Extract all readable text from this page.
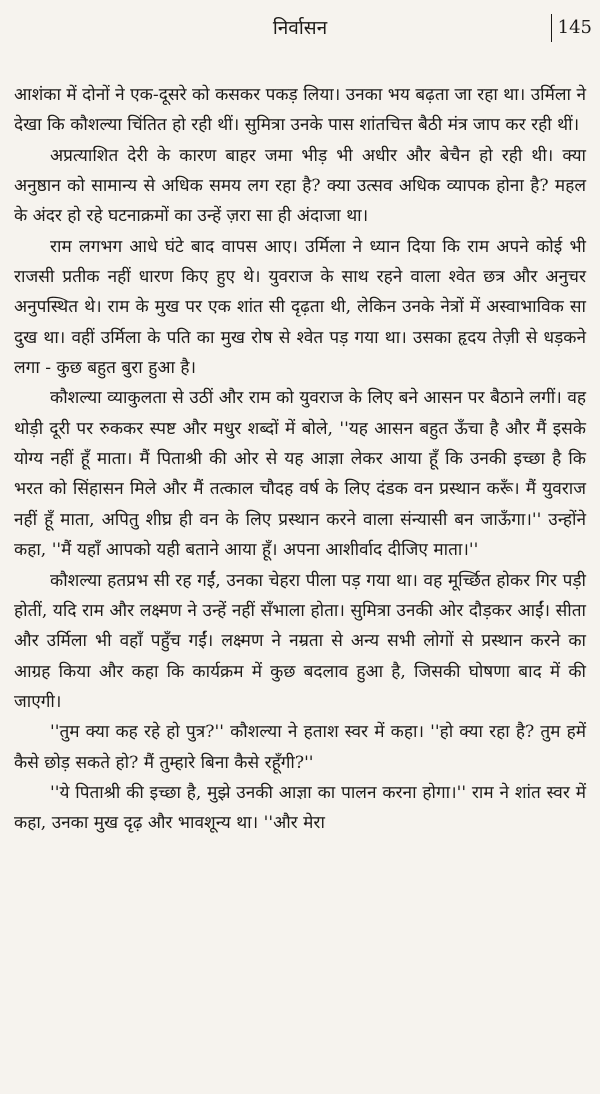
निर्वासन	145

आशंका में दोनों ने एक-दूसरे को कसकर पकड़ लिया। उनका भय बढ़ता जा रहा था। उर्मिला ने देखा कि कौशल्या चिंतित हो रही थीं। सुमित्रा उनके पास शांतचित्त बैठी मंत्र जाप कर रही थीं।

अप्रत्याशित देरी के कारण बाहर जमा भीड़ भी अधीर और बेचैन हो रही थी। क्या अनुष्ठान को सामान्य से अधिक समय लग रहा है? क्या उत्सव अधिक व्यापक होना है? महल के अंदर हो रहे घटनाक्रमों का उन्हें ज़रा सा ही अंदाजा था।

राम लगभग आधे घंटे बाद वापस आए। उर्मिला ने ध्यान दिया कि राम अपने कोई भी राजसी प्रतीक नहीं धारण किए हुए थे। युवराज के साथ रहने वाला श्वेत छत्र और अनुचर अनुपस्थित थे। राम के मुख पर एक शांत सी दृढ़ता थी, लेकिन उनके नेत्रों में अस्वाभाविक सा दुख था। वहीं उर्मिला के पति का मुख रोष से श्वेत पड़ गया था। उसका हृदय तेज़ी से धड़कने लगा - कुछ बहुत बुरा हुआ है।

कौशल्या व्याकुलता से उठीं और राम को युवराज के लिए बने आसन पर बैठाने लगीं। वह थोड़ी दूरी पर रुककर स्पष्ट और मधुर शब्दों में बोले, ''यह आसन बहुत ऊँचा है और मैं इसके योग्य नहीं हूँ माता। मैं पिताश्री की ओर से यह आज्ञा लेकर आया हूँ कि उनकी इच्छा है कि भरत को सिंहासन मिले और मैं तत्काल चौदह वर्ष के लिए दंडक वन प्रस्थान करूँ। मैं युवराज नहीं हूँ माता, अपितु शीघ्र ही वन के लिए प्रस्थान करने वाला संन्यासी बन जाऊँगा।'' उन्होंने कहा, ''मैं यहाँ आपको यही बताने आया हूँ। अपना आशीर्वाद दीजिए माता।''

कौशल्या हतप्रभ सी रह गईं, उनका चेहरा पीला पड़ गया था। वह मूर्च्छित होकर गिर पड़ी होतीं, यदि राम और लक्ष्मण ने उन्हें नहीं सँभाला होता। सुमित्रा उनकी ओर दौड़कर आईं। सीता और उर्मिला भी वहाँ पहुँच गईं। लक्ष्मण ने नम्रता से अन्य सभी लोगों से प्रस्थान करने का आग्रह किया और कहा कि कार्यक्रम में कुछ बदलाव हुआ है, जिसकी घोषणा बाद में की जाएगी।

''तुम क्या कह रहे हो पुत्र?'' कौशल्या ने हताश स्वर में कहा। ''हो क्या रहा है? तुम हमें कैसे छोड़ सकते हो? मैं तुम्हारे बिना कैसे रहूँगी?''

''ये पिताश्री की इच्छा है, मुझे उनकी आज्ञा का पालन करना होगा।'' राम ने शांत स्वर में कहा, उनका मुख दृढ़ और भावशून्य था। ''और मेरा
